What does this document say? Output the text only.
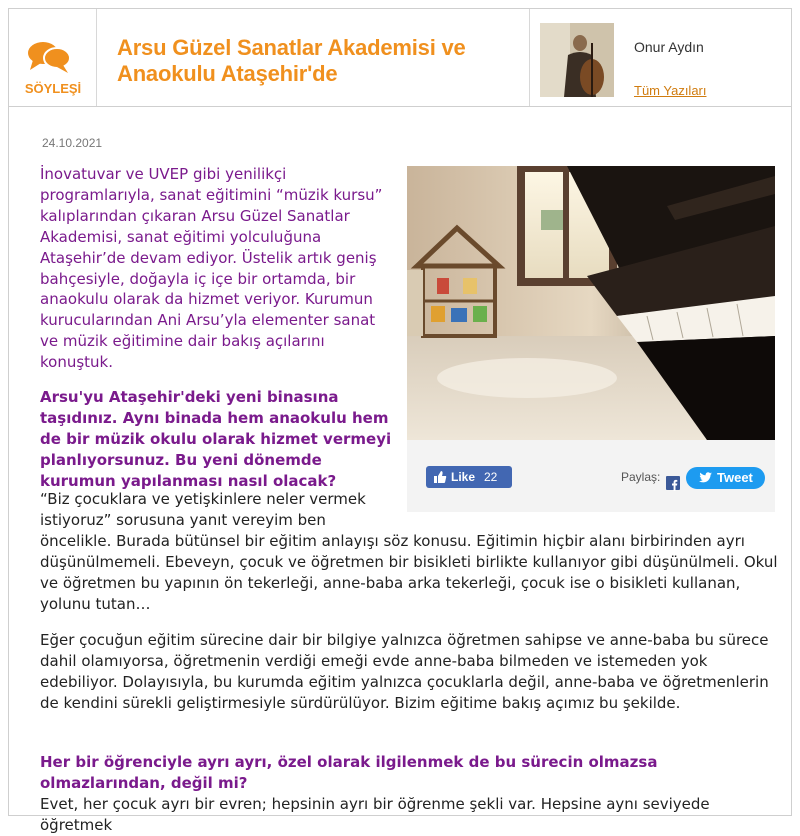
SÖYLEŞİ
Arsu Güzel Sanatlar Akademisi ve Anaokulu Ataşehir'de
Onur Aydın
Tüm Yazıları
24.10.2021
İnovatuvar ve UVEP gibi yenilikçi programlarıyla, sanat eğitimini “müzik kursu” kalıplarından çıkaran Arsu Güzel Sanatlar Akademisi, sanat eğitimi yolculuğuna Ataşehir’de devam ediyor. Üstelik artık geniş bahçesiyle, doğayla iç içe bir ortamda, bir anaokulu olarak da hizmet veriyor. Kurumun kurucularından Ani Arsu’yla elementer sanat ve müzik eğitimine dair bakış açılarını konuştuk.
Like 22	Paylaş:	Tweet
Arsu'yu Ataşehir'deki yeni binasına taşıdınız. Aynı binada hem anaokulu hem de bir müzik okulu olarak hizmet vermeyi planlıyorsunuz. Bu yeni dönemde kurumun yapılanması nasıl olacak?
“Biz çocuklara ve yetişkinlere neler vermek istiyoruz” sorusuna yanıt vereyim ben
öncelikle. Burada bütünsel bir eğitim anlayışı söz konusu. Eğitimin hiçbir alanı birbirinden ayrı düşünülmemeli. Ebeveyn, çocuk ve öğretmen bir bisikleti birlikte kullanıyor gibi düşünülmeli. Okul ve öğretmen bu yapının ön tekerleği, anne-baba arka tekerleği, çocuk ise o bisikleti kullanan, yolunu tutan…
Eğer çocuğun eğitim sürecine dair bir bilgiye yalnızca öğretmen sahipse ve anne-baba bu sürece dahil olamıyorsa, öğretmenin verdiği emeği evde anne-baba bilmeden ve istemeden yok edebiliyor. Dolayısıyla, bu kurumda eğitim yalnızca çocuklarla değil, anne-baba ve öğretmenlerin de kendini sürekli geliştirmesiyle sürdürülüyor. Bizim eğitime bakış açımız bu şekilde.
Her bir öğrenciyle ayrı ayrı, özel olarak ilgilenmek de bu sürecin olmazsa olmazlarından, değil mi?
Evet, her çocuk ayrı bir evren; hepsinin ayrı bir öğrenme şekli var. Hepsine aynı seviyede öğretmek
